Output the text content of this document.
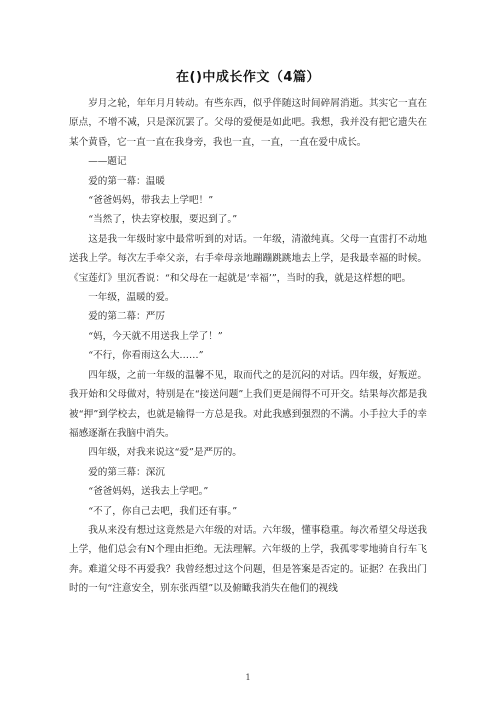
在()中成长作文（4篇）

岁月之轮，年年月月转动。有些东西，似乎伴随这时间碎屑消逝。其实它一直在原点，不增不减，只是深沉罢了。父母的爱便是如此吧。我想，我并没有把它遗失在某个黄昏，它一直一直在我身旁，我也一直，一直，一直在爱中成长。

——题记

爱的第一幕：温暖

“爸爸妈妈，带我去上学吧！”

“当然了，快去穿校服，要迟到了。”

这是我一年级时家中最常听到的对话。一年级，清澈纯真。父母一直雷打不动地送我上学。每次左手牵父亲，右手牵母亲地蹦蹦跳跳地去上学，是我最幸福的时候。《宝莲灯》里沉香说：“和父母在一起就是‘幸福’”，当时的我，就是这样想的吧。

一年级，温暖的爱。

爱的第二幕：严厉

“妈，今天就不用送我上学了！”

“不行，你看雨这么大……”

四年级，之前一年级的温馨不见，取而代之的是沉闷的对话。四年级，好叛逆。我开始和父母做对，特别是在“接送问题”上我们更是闹得不可开交。结果每次都是我被“押”到学校去，也就是输得一方总是我。对此我感到强烈的不满。小手拉大手的幸福感逐渐在我脑中消失。

四年级，对我来说这“爱”是严厉的。

爱的第三幕：深沉

“爸爸妈妈，送我去上学吧。”

“不了，你自己去吧，我们还有事。”

我从来没有想过这竟然是六年级的对话。六年级，懂事稳重。每次希望父母送我上学，他们总会有N个理由拒绝。无法理解。六年级的上学，我孤零零地骑自行车飞奔。难道父母不再爱我？我曾经想过这个问题，但是答案是否定的。证据？在我出门时的一句“注意安全，别东张西望”以及俯瞰我消失在他们的视线

1
